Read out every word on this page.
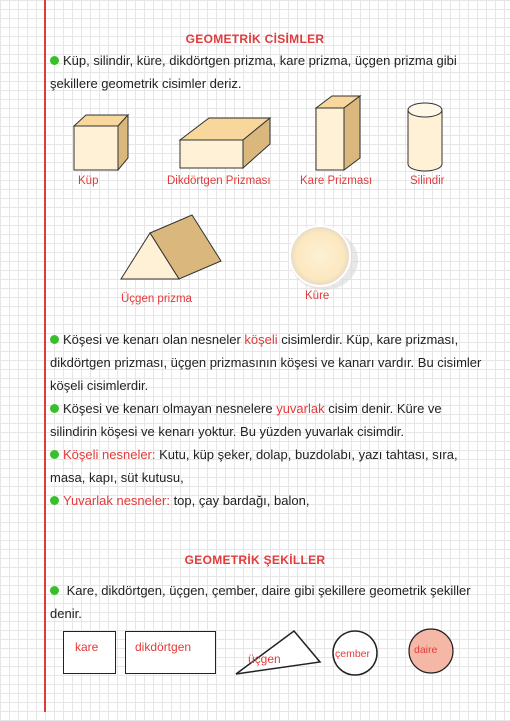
GEOMETRİK CİSİMLER
Küp, silindir, küre, dikdörtgen prizma, kare prizma, üçgen prizma gibi
şekillere geometrik cisimler deriz.
Küp	Dikdörtgen Prizması	Kare Prizması	Silindir
Üçgen prizma	Küre
Köşesi ve kenarı olan nesneler köşeli cisimlerdir. Küp, kare prizması,
dikdörtgen prizması, üçgen prizmasının köşesi ve kanarı vardır. Bu cisimler
köşeli cisimlerdir.
Köşesi ve kenarı olmayan nesnelere yuvarlak cisim denir. Küre ve
silindirin köşesi ve kenarı yoktur. Bu yüzden yuvarlak cisimdir.
Köşeli nesneler: Kutu, küp şeker, dolap, buzdolabı, yazı tahtası, sıra,
masa, kapı, süt kutusu,
Yuvarlak nesneler: top, çay bardağı, balon,
GEOMETRİK ŞEKİLLER
Kare, dikdörtgen, üçgen, çember, daire gibi şekillere geometrik şekiller
denir.
kare	dikdörtgen
üçgen	çember	daire
